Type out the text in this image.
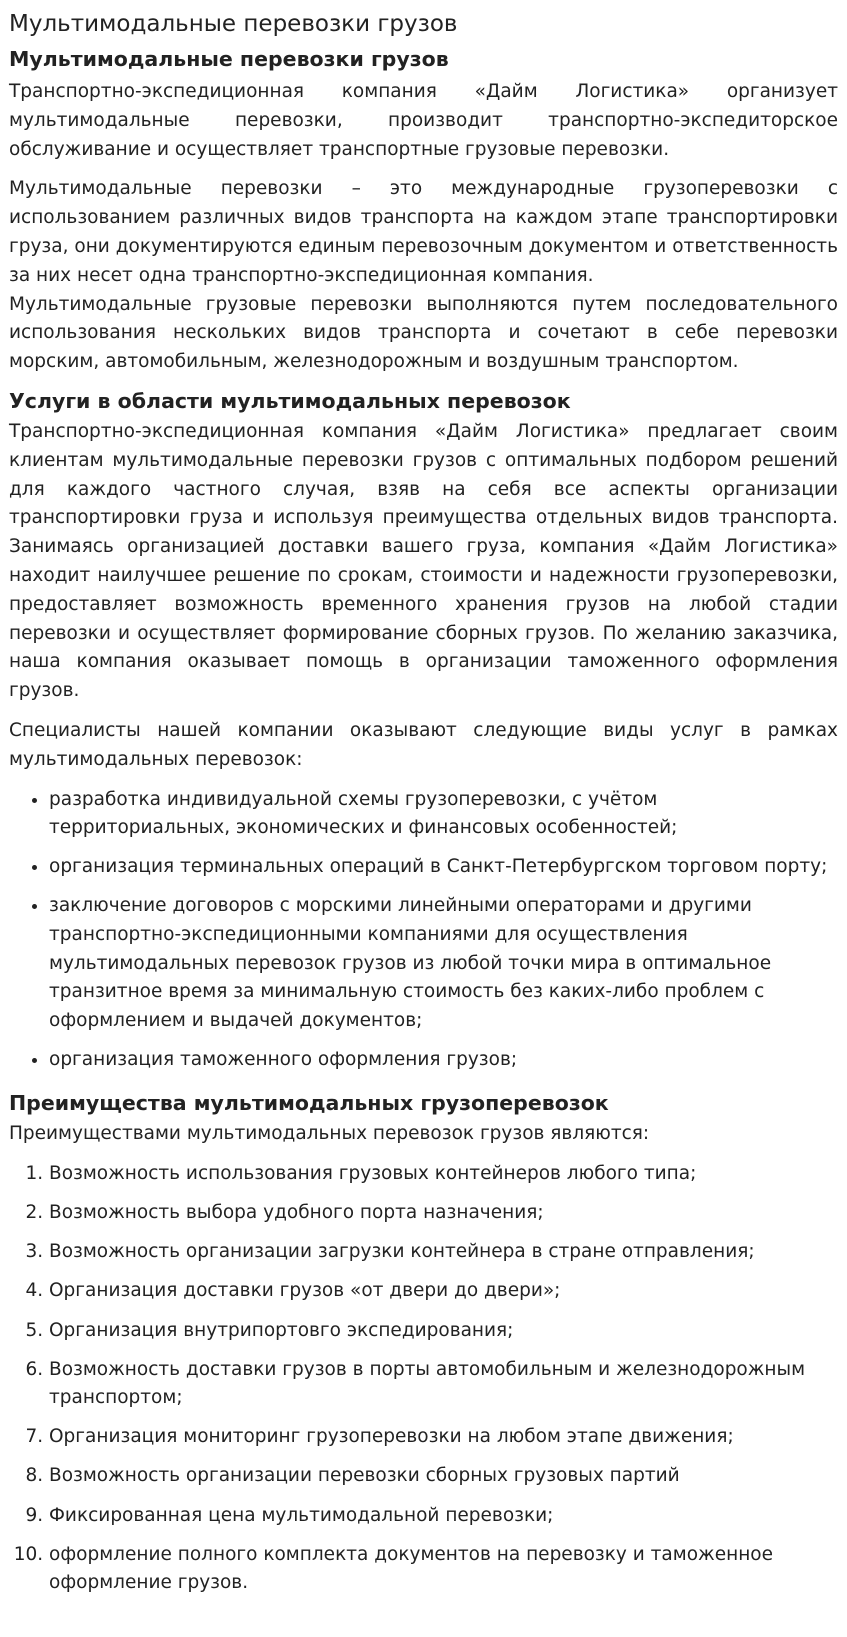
Мультимодальные перевозки грузов
Мультимодальные перевозки грузов

Транспортно-экспедиционная компания «Дайм Логистика» организует мультимодальные перевозки, производит транспортно-экспедиторское обслуживание и осуществляет транспортные грузовые перевозки.

Мультимодальные перевозки – это международные грузоперевозки с использованием различных видов транспорта на каждом этапе транспортировки груза, они документируются единым перевозочным документом и ответственность за них несет одна транспортно-экспедиционная компания.

Мультимодальные грузовые перевозки выполняются путем последовательного использования нескольких видов транспорта и сочетают в себе перевозки морским, автомобильным, железнодорожным и воздушным транспортом.

Услуги в области мультимодальных перевозок

Транспортно-экспедиционная компания «Дайм Логистика» предлагает своим клиентам мультимодальные перевозки грузов с оптимальных подбором решений для каждого частного случая, взяв на себя все аспекты организации транспортировки груза и используя преимущества отдельных видов транспорта. Занимаясь организацией доставки вашего груза, компания «Дайм Логистика» находит наилучшее решение по срокам, стоимости и надежности грузоперевозки, предоставляет возможность временного хранения грузов на любой стадии перевозки и осуществляет формирование сборных грузов. По желанию заказчика, наша компания оказывает помощь в организации таможенного оформления грузов.

Специалисты нашей компании оказывают следующие виды услуг в рамках мультимодальных перевозок:

• разработка индивидуальной схемы грузоперевозки, с учётом территориальных, экономических и финансовых особенностей;
• организация терминальных операций в Санкт-Петербургском торговом порту;
• заключение договоров с морскими линейными операторами и другими транспортно-экспедиционными компаниями для осуществления мультимодальных перевозок грузов из любой точки мира в оптимальное транзитное время за минимальную стоимость без каких-либо проблем с оформлением и выдачей документов;
• организация таможенного оформления грузов;
Преимущества мультимодальных грузоперевозок

Преимуществами мультимодальных перевозок грузов являются:

1. Возможность использования грузовых контейнеров любого типа;
2. Возможность выбора удобного порта назначения;
3. Возможность организации загрузки контейнера в стране отправления;
4. Организация доставки грузов «от двери до двери»;
5. Организация внутрипортовго экспедирования;
6. Возможность доставки грузов в порты автомобильным и железнодорожным транспортом;
7. Организация мониторинг грузоперевозки на любом этапе движения;
8. Возможность организации перевозки сборных грузовых партий
9. Фиксированная цена мультимодальной перевозки;
10. оформление полного комплекта документов на перевозку и таможенное оформление грузов.
